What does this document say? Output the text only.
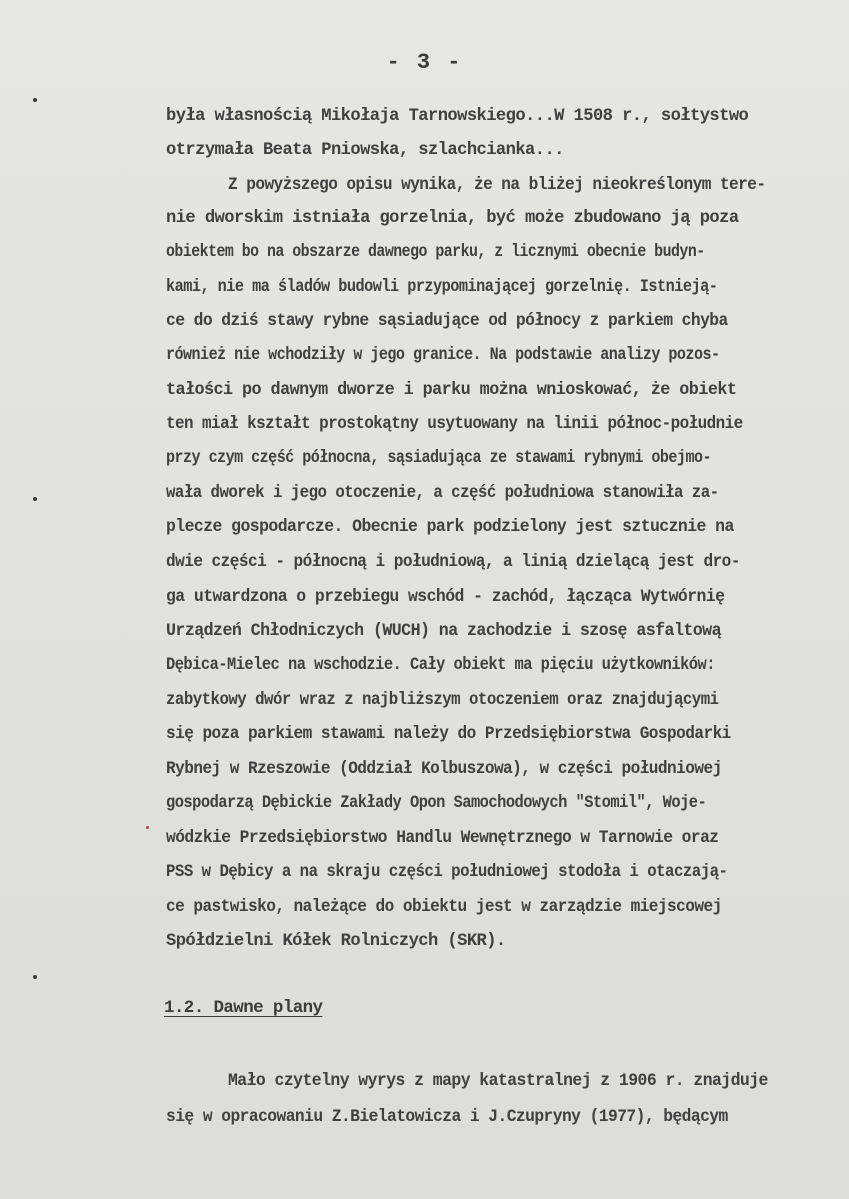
- 3 -
była własnością Mikołaja Tarnowskiego...W 1508 r., sołtystwo
otrzymała Beata Pniowska, szlachcianka...
Z powyższego opisu wynika, że na bliżej nieokreślonym tere-
nie dworskim istniała gorzelnia, być może zbudowano ją poza
obiektem bo na obszarze dawnego parku, z licznymi obecnie budyn-
kami, nie ma śladów budowli przypominającej gorzelnię. Istnieją-
ce do dziś stawy rybne sąsiadujące od północy z parkiem chyba
również nie wchodziły w jego granice. Na podstawie analizy pozos-
tałości po dawnym dworze i parku można wnioskować, że obiekt
ten miał kształt prostokątny usytuowany na linii północ-południe
przy czym część północna, sąsiadująca ze stawami rybnymi obejmo-
wała dworek i jego otoczenie, a część południowa stanowiła za-
plecze gospodarcze. Obecnie park podzielony jest sztucznie na
dwie części - północną i południową, a linią dzielącą jest dro-
ga utwardzona o przebiegu wschód - zachód, łącząca Wytwórnię
Urządzeń Chłodniczych (WUCH) na zachodzie i szosę asfaltową
Dębica-Mielec na wschodzie. Cały obiekt ma pięciu użytkowników:
zabytkowy dwór wraz z najbliższym otoczeniem oraz znajdującymi
się poza parkiem stawami należy do Przedsiębiorstwa Gospodarki
Rybnej w Rzeszowie (Oddział Kolbuszowa), w części południowej
gospodarzą Dębickie Zakłady Opon Samochodowych "Stomil", Woje-
wódzkie Przedsiębiorstwo Handlu Wewnętrznego w Tarnowie oraz
PSS w Dębicy a na skraju części południowej stodoła i otaczają-
ce pastwisko, należące do obiektu jest w zarządzie miejscowej
Spółdzielni Kółek Rolniczych (SKR).
1.2. Dawne plany
Mało czytelny wyrys z mapy katastralnej z 1906 r. znajduje
się w opracowaniu Z.Bielatowicza i J.Czupryny (1977), będącym
